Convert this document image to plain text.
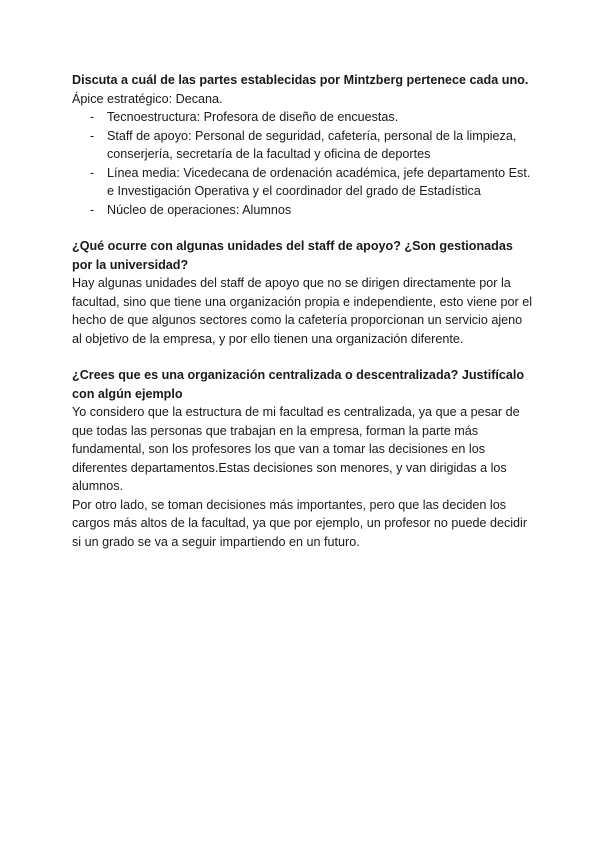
Discuta a cuál de las partes establecidas por Mintzberg pertenece cada uno.

Ápice estratégico: Decana.

- Tecnoestructura: Profesora de diseño de encuestas.
- Staff de apoyo: Personal de seguridad, cafetería, personal de la limpieza, conserjería, secretaría de la facultad y oficina de deportes
- Línea media: Vicedecana de ordenación académica, jefe departamento Est. e Investigación Operativa y el coordinador del grado de Estadística
- Núcleo de operaciones: Alumnos

¿Qué ocurre con algunas unidades del staff de apoyo? ¿Son gestionadas por la universidad?

Hay algunas unidades del staff de apoyo que no se dirigen directamente por la facultad, sino que tiene una organización propia e independiente, esto viene por el hecho de que algunos sectores como la cafetería proporcionan un servicio ajeno al objetivo de la empresa, y por ello tienen una organización diferente.

¿Crees que es una organización centralizada o descentralizada? Justifícalo con algún ejemplo

Yo considero que la estructura de mi facultad es centralizada, ya que a pesar de que todas las personas que trabajan en la empresa, forman la parte más fundamental, son los profesores los que van a tomar las decisiones en los diferentes departamentos.Estas decisiones son menores, y van dirigidas a los alumnos.

Por otro lado, se toman decisiones más importantes, pero que las deciden los cargos más altos de la facultad, ya que por ejemplo, un profesor no puede decidir si un grado se va a seguir impartiendo en un futuro.
